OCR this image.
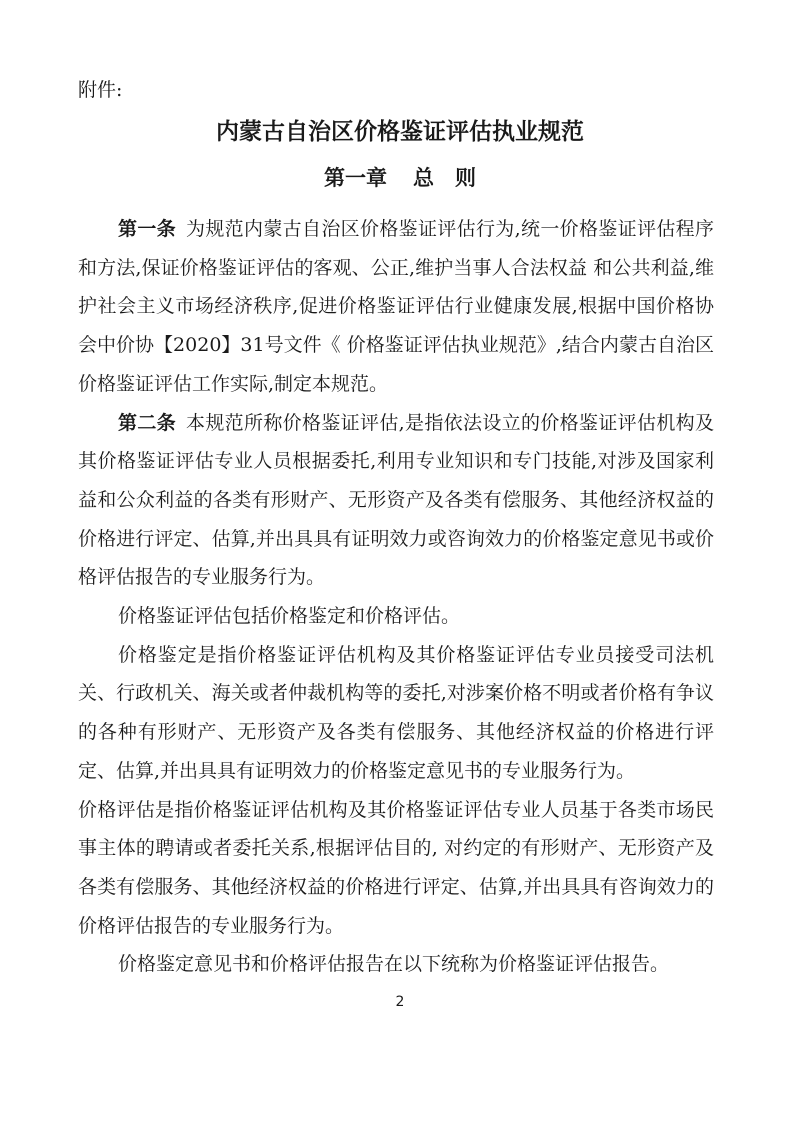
附件:
内蒙古自治区价格鉴证评估执业规范
第一章 总　则

第一条 为规范内蒙古自治区价格鉴证评估行为,统一价格鉴证评估程序和方法,保证价格鉴证评估的客观、公正,维护当事人合法权益 和公共利益,维护社会主义市场经济秩序,促进价格鉴证评估行业健康发展,根据中国价格协会中价协【2020】31号文件《 价格鉴证评估执业规范》,结合内蒙古自治区价格鉴证评估工作实际,制定本规范。

第二条 本规范所称价格鉴证评估,是指依法设立的价格鉴证评估机构及其价格鉴证评估专业人员根据委托,利用专业知识和专门技能,对涉及国家利益和公众利益的各类有形财产、无形资产及各类有偿服务、其他经济权益的价格进行评定、估算,并出具具有证明效力或咨询效力的价格鉴定意见书或价格评估报告的专业服务行为。

价格鉴证评估包括价格鉴定和价格评估。

价格鉴定是指价格鉴证评估机构及其价格鉴证评估专业员接受司法机关、行政机关、海关或者仲裁机构等的委托,对涉案价格不明或者价格有争议的各种有形财产、无形资产及各类有偿服务、其他经济权益的价格进行评定、估算,并出具具有证明效力的价格鉴定意见书的专业服务行为。

价格评估是指价格鉴证评估机构及其价格鉴证评估专业人员基于各类市场民事主体的聘请或者委托关系,根据评估目的, 对约定的有形财产、无形资产及各类有偿服务、其他经济权益的价格进行评定、估算,并出具具有咨询效力的价格评估报告的专业服务行为。

价格鉴定意见书和价格评估报告在以下统称为价格鉴证评估报告。

2
